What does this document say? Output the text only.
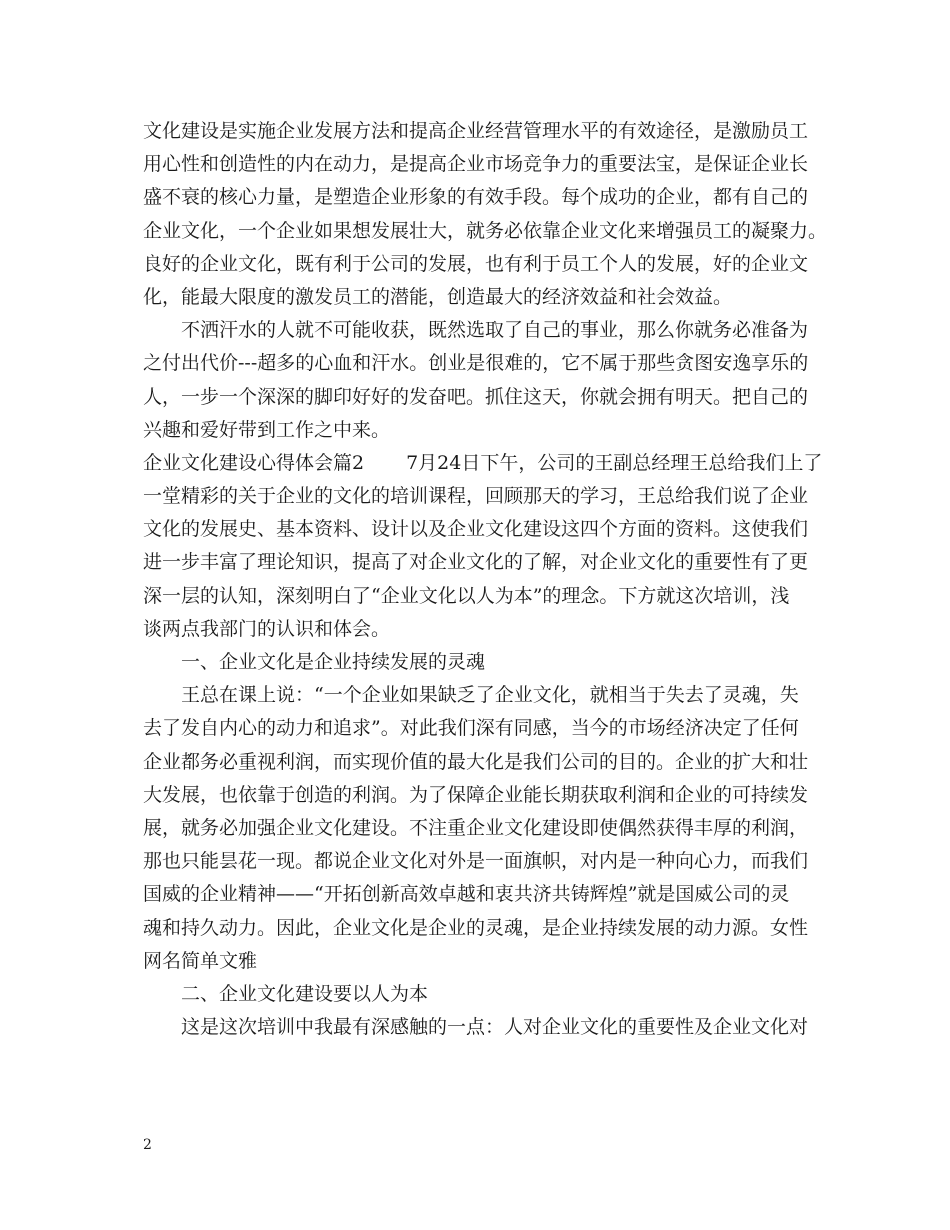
文化建设是实施企业发展方法和提高企业经营管理水平的有效途径，是激励员工
用心性和创造性的内在动力，是提高企业市场竞争力的重要法宝，是保证企业长
盛不衰的核心力量，是塑造企业形象的有效手段。每个成功的企业，都有自己的
企业文化，一个企业如果想发展壮大，就务必依靠企业文化来增强员工的凝聚力。
良好的企业文化，既有利于公司的发展，也有利于员工个人的发展，好的企业文
化，能最大限度的激发员工的潜能，创造最大的经济效益和社会效益。
不洒汗水的人就不可能收获，既然选取了自己的事业，那么你就务必准备为
之付出代价---超多的心血和汗水。创业是很难的，它不属于那些贪图安逸享乐的
人，一步一个深深的脚印好好的发奋吧。抓住这天，你就会拥有明天。把自己的
兴趣和爱好带到工作之中来。
企业文化建设心得体会篇2 7月24日下午，公司的王副总经理王总给我们上了
一堂精彩的关于企业的文化的培训课程，回顾那天的学习，王总给我们说了企业
文化的发展史、基本资料、设计以及企业文化建设这四个方面的资料。这使我们
进一步丰富了理论知识，提高了对企业文化的了解，对企业文化的重要性有了更
深一层的认知，深刻明白了“企业文化以人为本”的理念。下方就这次培训，浅
谈两点我部门的认识和体会。
一、企业文化是企业持续发展的灵魂
王总在课上说：“一个企业如果缺乏了企业文化，就相当于失去了灵魂，失
去了发自内心的动力和追求”。对此我们深有同感，当今的市场经济决定了任何
企业都务必重视利润，而实现价值的最大化是我们公司的目的。企业的扩大和壮
大发展，也依靠于创造的利润。为了保障企业能长期获取利润和企业的可持续发
展，就务必加强企业文化建设。不注重企业文化建设即使偶然获得丰厚的利润，
那也只能昙花一现。都说企业文化对外是一面旗帜，对内是一种向心力，而我们
国威的企业精神——“开拓创新高效卓越和衷共济共铸辉煌”就是国威公司的灵
魂和持久动力。因此，企业文化是企业的灵魂，是企业持续发展的动力源。女性
网名简单文雅
二、企业文化建设要以人为本
这是这次培训中我最有深感触的一点：人对企业文化的重要性及企业文化对
2
